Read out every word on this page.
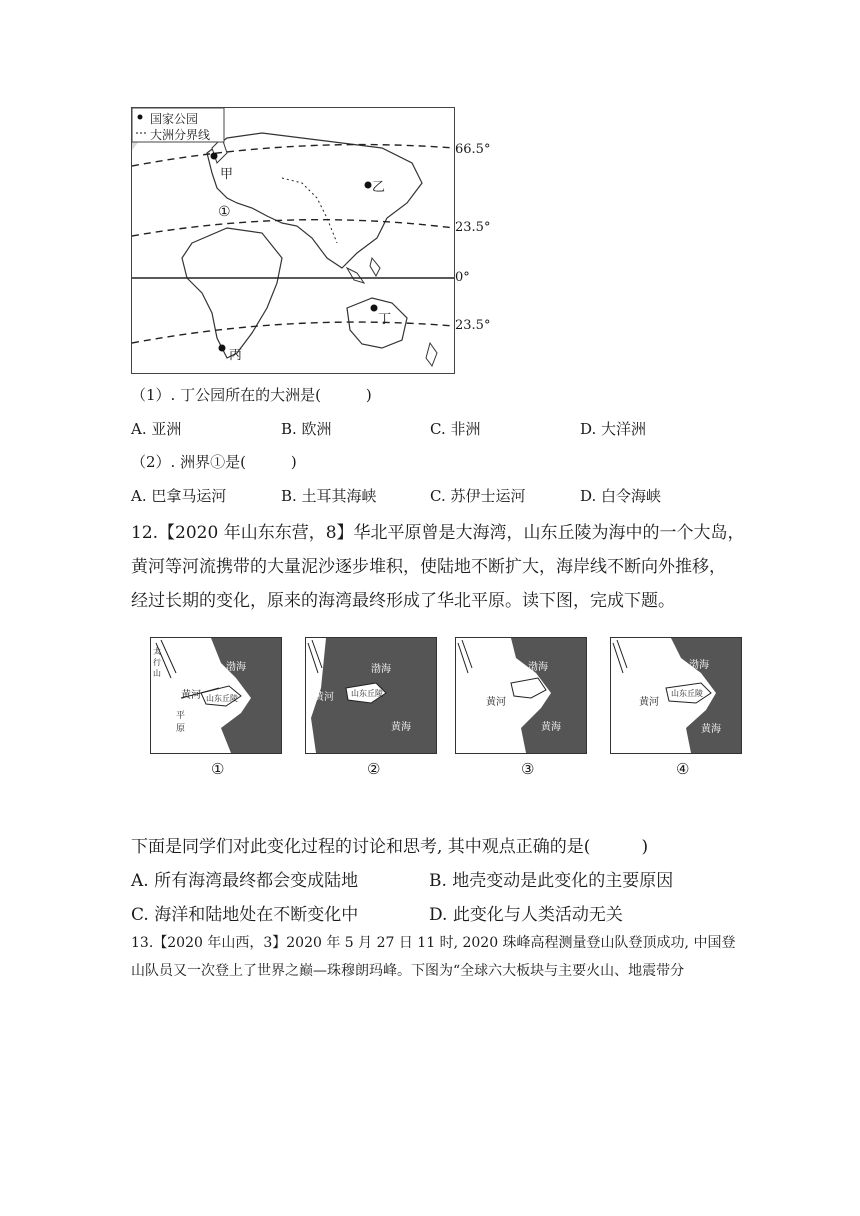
国家公园
大洲分界线
甲
乙
丙
丁
①
66.5°
23.5°
0°
23.5°
（1）. 丁公园所在的大洲是(　　　)
A. 亚洲	B. 欧洲	C. 非洲	D. 大洋洲
（2）. 洲界①是(　　　)
A. 巴拿马运河	B. 土耳其海峡	C. 苏伊士运河	D. 白令海峡
12.【2020 年山东东营，8】华北平原曾是大海湾，山东丘陵为海中的一个大岛，
黄河等河流携带的大量泥沙逐步堆积，使陆地不断扩大，海岸线不断向外推移，
经过长期的变化，原来的海湾最终形成了华北平原。读下图，完成下题。
渤海
黄河 山东丘陵
太行山
平原
渤海
黄河 山东丘陵
黄海
渤海
黄河
黄海
渤海
黄河
山东丘陵
黄海
①	②	③	④
下面是同学们对此变化过程的讨论和思考, 其中观点正确的是(　　　)
A. 所有海湾最终都会变成陆地	B. 地壳变动是此变化的主要原因
C. 海洋和陆地处在不断变化中	D. 此变化与人类活动无关
13.【2020 年山西，3】2020 年 5 月 27 日 11 时, 2020 珠峰高程测量登山队登顶成功, 中国登
山队员又一次登上了世界之巅—珠穆朗玛峰。下图为“全球六大板块与主要火山、地震带分
